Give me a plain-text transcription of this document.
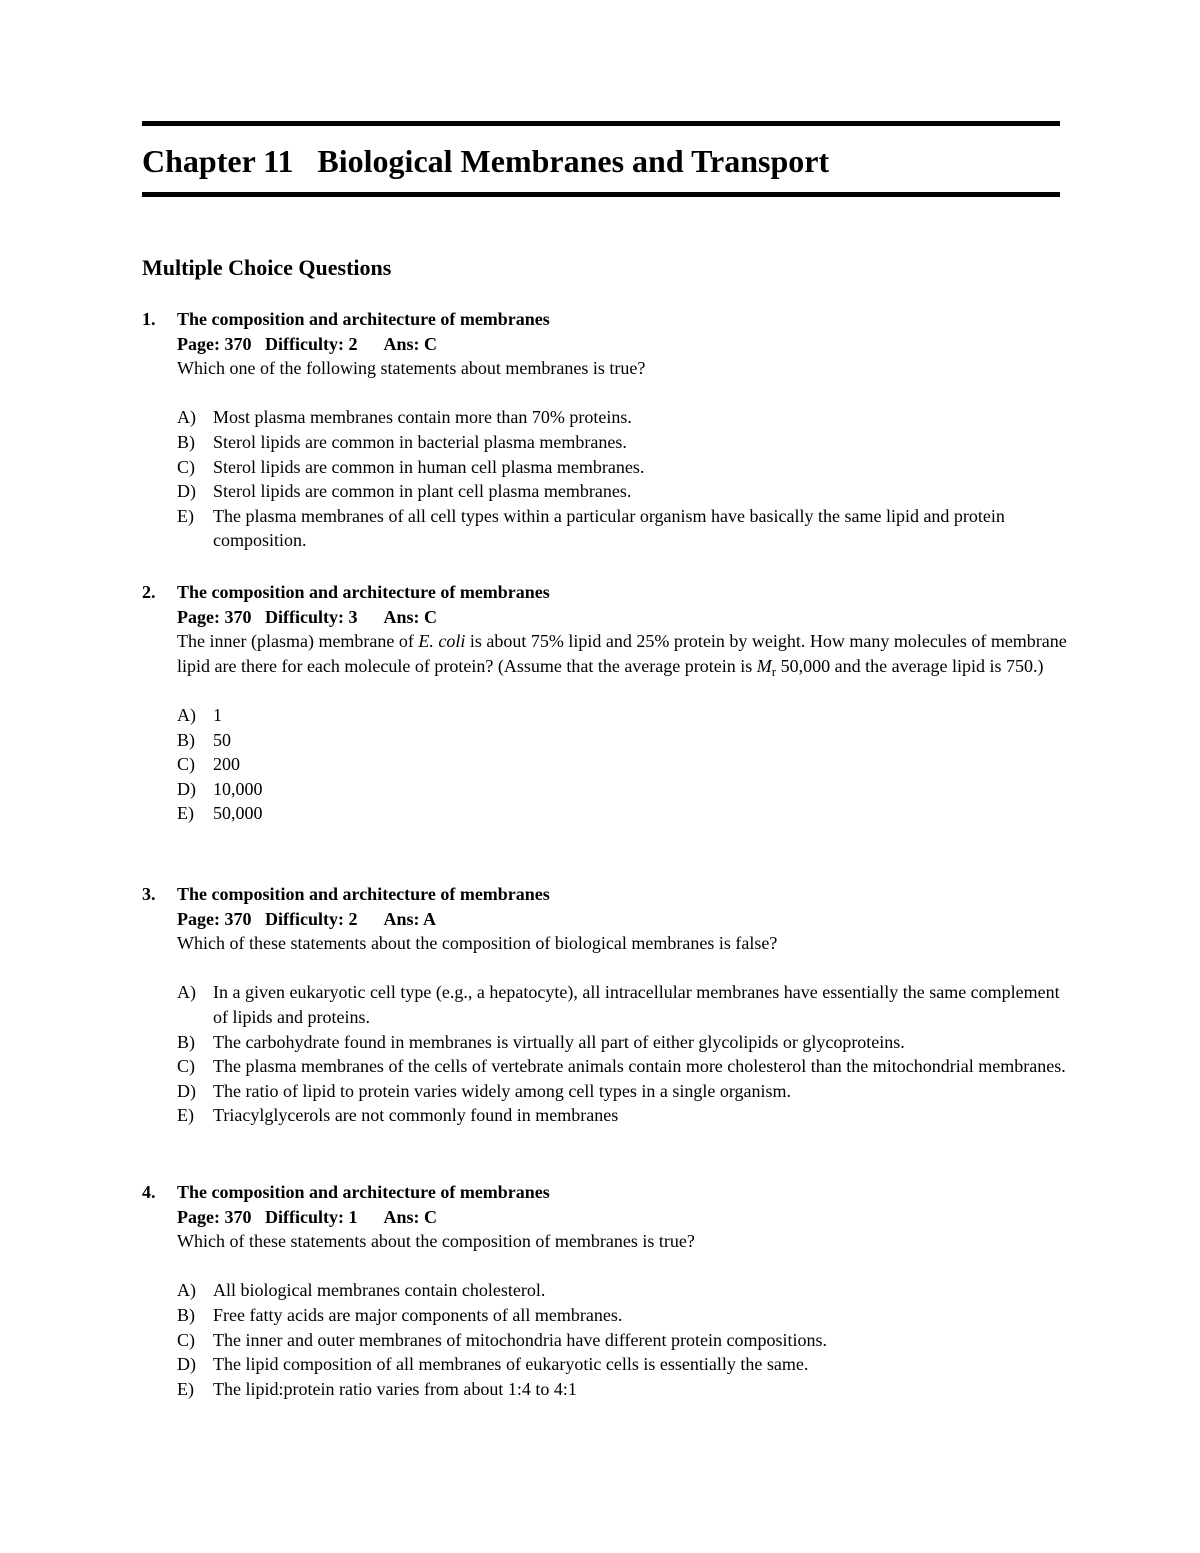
Chapter 11   Biological Membranes and Transport
Multiple Choice Questions
1. The composition and architecture of membranes
Page: 370 Difficulty: 2 Ans: C
Which one of the following statements about membranes is true?
A) Most plasma membranes contain more than 70% proteins.
B) Sterol lipids are common in bacterial plasma membranes.
C) Sterol lipids are common in human cell plasma membranes.
D) Sterol lipids are common in plant cell plasma membranes.
E) The plasma membranes of all cell types within a particular organism have basically the same lipid and protein composition.
2. The composition and architecture of membranes
Page: 370 Difficulty: 3 Ans: C
The inner (plasma) membrane of E. coli is about 75% lipid and 25% protein by weight. How many molecules of membrane lipid are there for each molecule of protein? (Assume that the average protein is $M_r$ 50,000 and the average lipid is 750.)
A) 1
B) 50
C) 200
D) 10,000
E) 50,000
3. The composition and architecture of membranes
Page: 370 Difficulty: 2 Ans: A
Which of these statements about the composition of biological membranes is false?
A) In a given eukaryotic cell type (e.g., a hepatocyte), all intracellular membranes have essentially the same complement of lipids and proteins.
B) The carbohydrate found in membranes is virtually all part of either glycolipids or glycoproteins.
C) The plasma membranes of the cells of vertebrate animals contain more cholesterol than the mitochondrial membranes.
D) The ratio of lipid to protein varies widely among cell types in a single organism.
E) Triacylglycerols are not commonly found in membranes
4. The composition and architecture of membranes
Page: 370 Difficulty: 1 Ans: C
Which of these statements about the composition of membranes is true?
A) All biological membranes contain cholesterol.
B) Free fatty acids are major components of all membranes.
C) The inner and outer membranes of mitochondria have different protein compositions.
D) The lipid composition of all membranes of eukaryotic cells is essentially the same.
E) The lipid:protein ratio varies from about 1:4 to 4:1
